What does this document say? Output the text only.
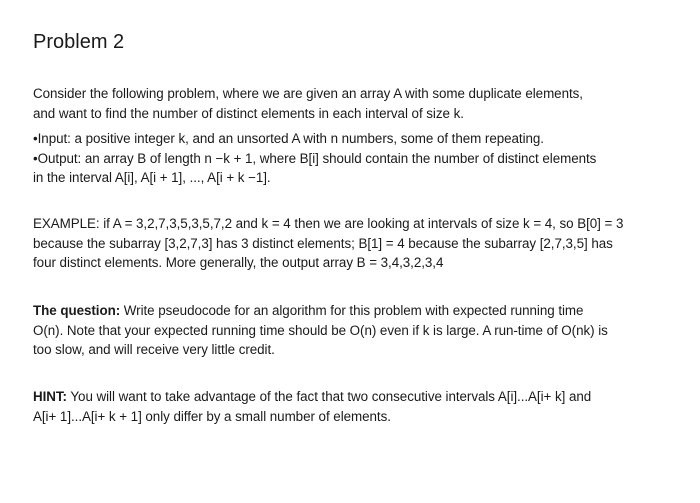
Problem 2

Consider the following problem, where we are given an array A with some duplicate elements,
and want to find the number of distinct elements in each interval of size k.

•Input: a positive integer k, and an unsorted A with n numbers, some of them repeating.
•Output: an array B of length n −k + 1, where B[i] should contain the number of distinct elements
in the interval A[i], A[i + 1], ..., A[i + k −1].

EXAMPLE: if A = 3,2,7,3,5,3,5,7,2 and k = 4 then we are looking at intervals of size k = 4, so B[0] = 3
because the subarray [3,2,7,3] has 3 distinct elements; B[1] = 4 because the subarray [2,7,3,5] has
four distinct elements. More generally, the output array B = 3,4,3,2,3,4

The question: Write pseudocode for an algorithm for this problem with expected running time
O(n). Note that your expected running time should be O(n) even if k is large. A run-time of O(nk) is
too slow, and will receive very little credit.

HINT: You will want to take advantage of the fact that two consecutive intervals A[i]...A[i+ k] and
A[i+ 1]...A[i+ k + 1] only differ by a small number of elements.
